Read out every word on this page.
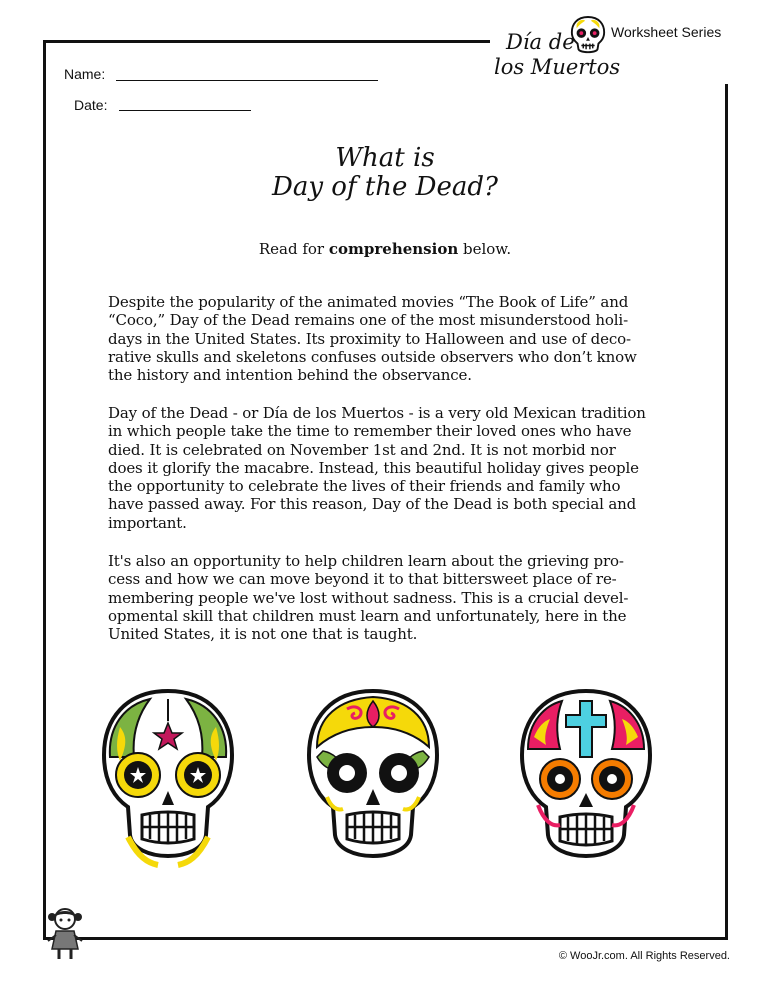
Worksheet Series
Día de
los Muertos
Name:
Date:
What is
Day of the Dead?
Read for comprehension below.
Despite the popularity of the animated movies “The Book of Life” and
“Coco,” Day of the Dead remains one of the most misunderstood holi-
days in the United States. Its proximity to Halloween and use of deco-
rative skulls and skeletons confuses outside observers who don’t know
the history and intention behind the observance.
Day of the Dead - or Día de los Muertos - is a very old Mexican tradition
in which people take the time to remember their loved ones who have
died. It is celebrated on November 1st and 2nd. It is not morbid nor
does it glorify the macabre. Instead, this beautiful holiday gives people
the opportunity to celebrate the lives of their friends and family who
have passed away. For this reason, Day of the Dead is both special and
important.
It's also an opportunity to help children learn about the grieving pro-
cess and how we can move beyond it to that bittersweet place of re-
membering people we've lost without sadness. This is a crucial devel-
opmental skill that children must learn and unfortunately, here in the
United States, it is not one that is taught.
© WooJr.com. All Rights Reserved.
